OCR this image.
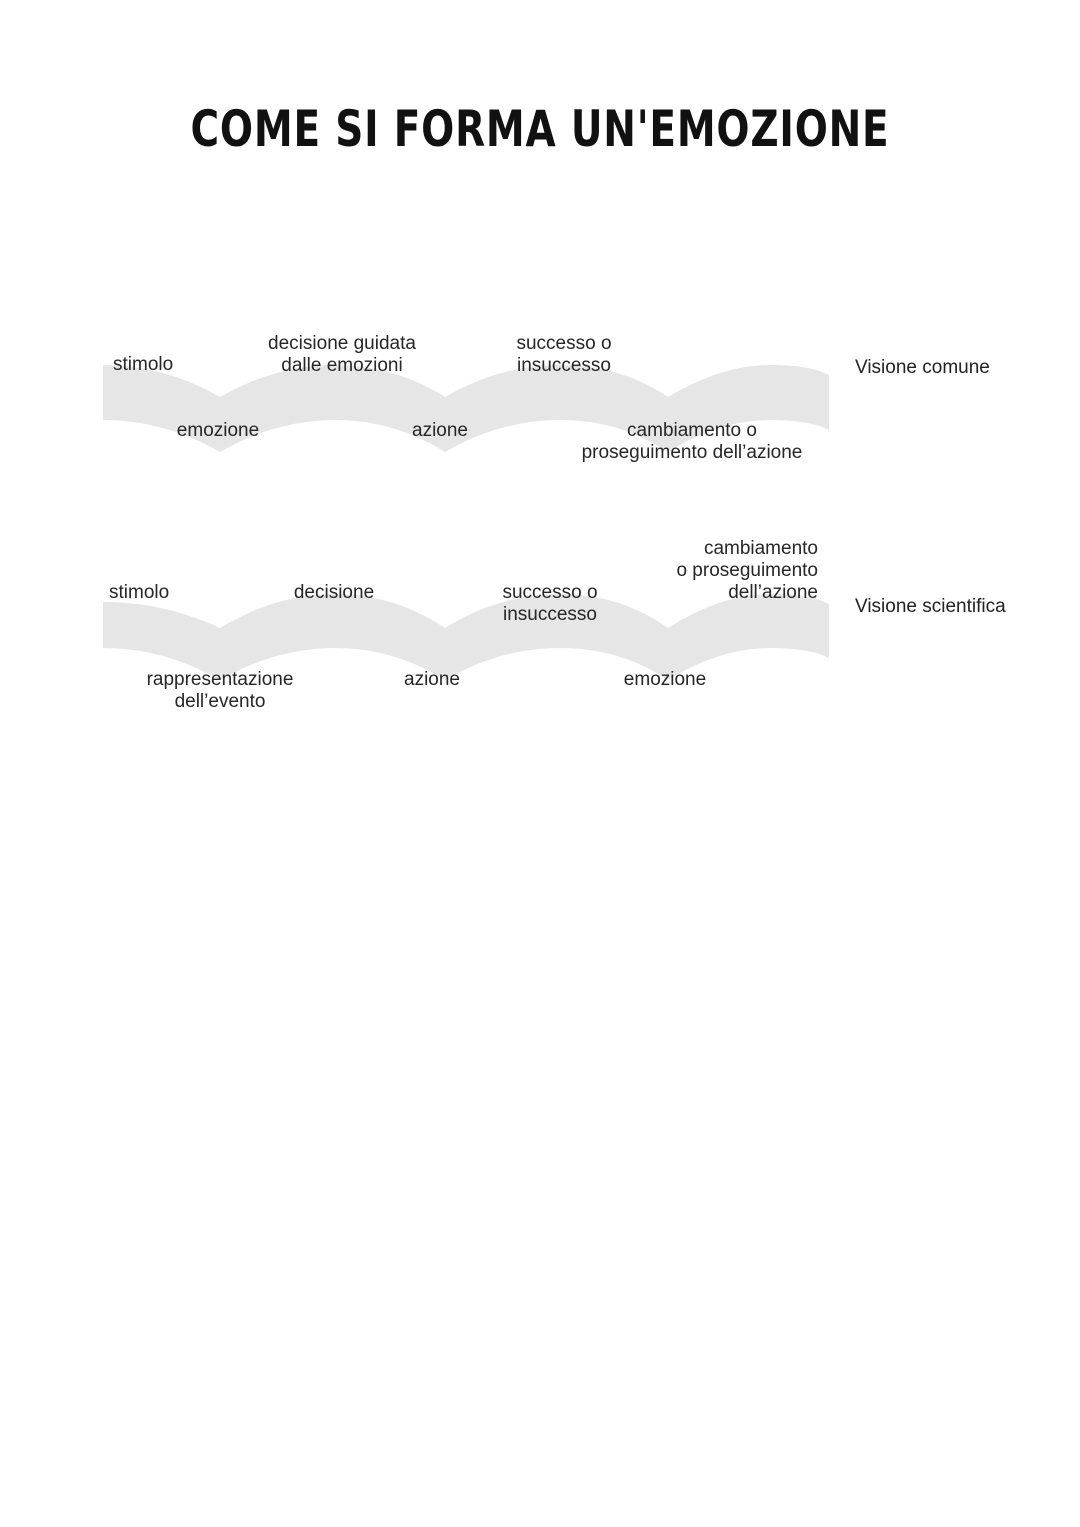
COME SI FORMA UN'EMOZIONE
stimolo
emozione
decisione guidata
dalle emozioni
azione
successo o
insuccesso
cambiamento o
proseguimento dell’azione
Visione comune
stimolo
rappresentazione
dell’evento
decisione
azione
successo o
insuccesso
emozione
cambiamento
o proseguimento
dell’azione
Visione scientifica
